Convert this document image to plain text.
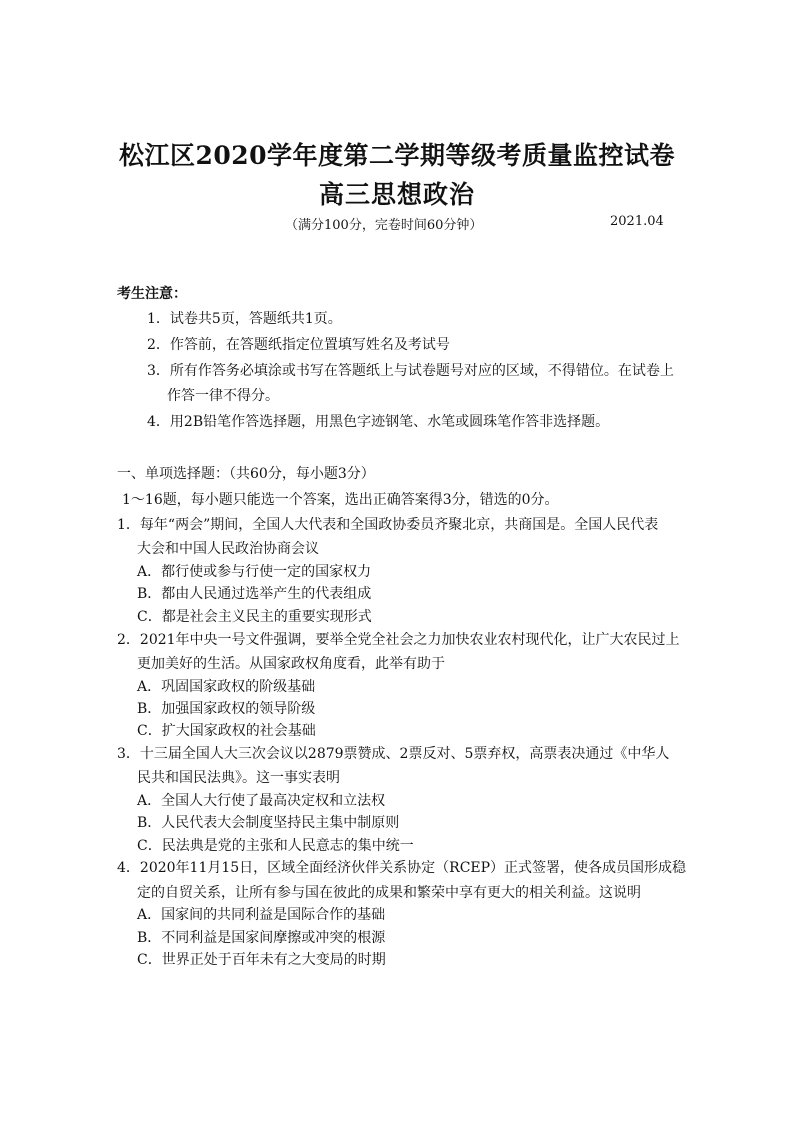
松江区2020学年度第二学期等级考质量监控试卷
高三思想政治
（满分100分，完卷时间60分钟）	2021.04
考生注意：
1．试卷共5页，答题纸共1页。
2．作答前，在答题纸指定位置填写姓名及考试号
3．所有作答务必填涂或书写在答题纸上与试卷题号对应的区域，不得错位。在试卷上
作答一律不得分。
4．用2B铅笔作答选择题，用黑色字迹钢笔、水笔或圆珠笔作答非选择题。
一、单项选择题：（共60分，每小题3分）
1～16题，每小题只能选一个答案，选出正确答案得3分，错选的0分。
1．每年“两会”期间，全国人大代表和全国政协委员齐聚北京，共商国是。全国人民代表
大会和中国人民政治协商会议
A．都行使或参与行使一定的国家权力
B．都由人民通过选举产生的代表组成
C．都是社会主义民主的重要实现形式
2．2021年中央一号文件强调，要举全党全社会之力加快农业农村现代化，让广大农民过上
更加美好的生活。从国家政权角度看，此举有助于
A．巩固国家政权的阶级基础
B．加强国家政权的领导阶级
C．扩大国家政权的社会基础
3．十三届全国人大三次会议以2879票赞成、2票反对、5票弃权，高票表决通过《中华人
民共和国民法典》。这一事实表明
A．全国人大行使了最高决定权和立法权
B．人民代表大会制度坚持民主集中制原则
C．民法典是党的主张和人民意志的集中统一
4．2020年11月15日，区域全面经济伙伴关系协定（RCEP）正式签署，使各成员国形成稳
定的自贸关系，让所有参与国在彼此的成果和繁荣中享有更大的相关利益。这说明
A．国家间的共同利益是国际合作的基础
B．不同利益是国家间摩擦或冲突的根源
C．世界正处于百年未有之大变局的时期
